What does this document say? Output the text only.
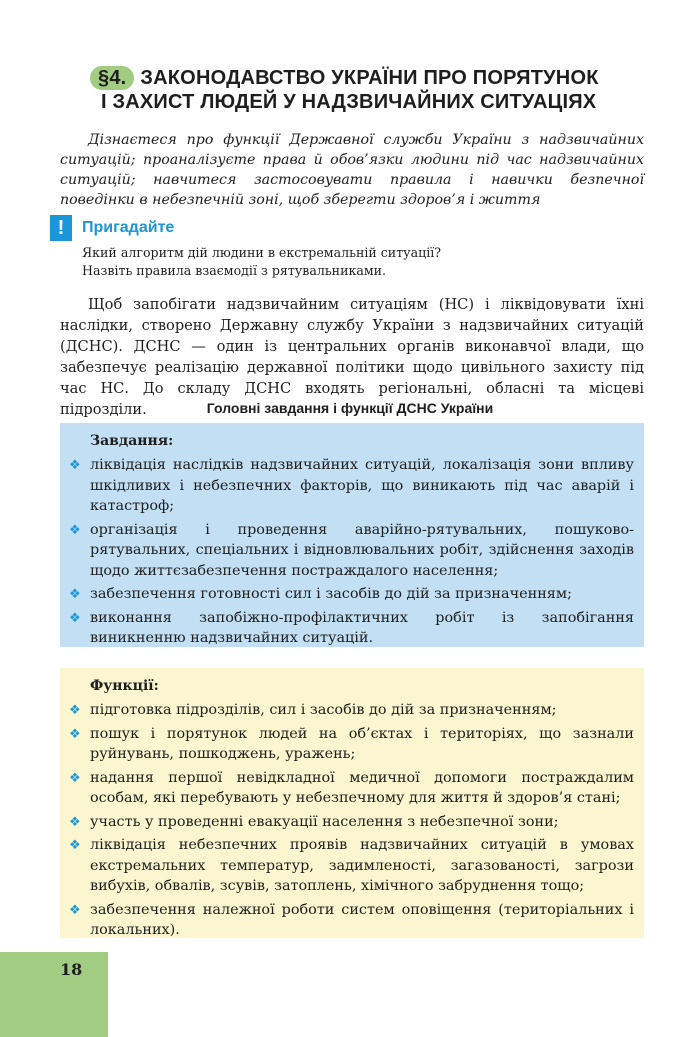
§4. ЗАКОНОДАВСТВО УКРАЇНИ ПРО ПОРЯТУНОК
І ЗАХИСТ ЛЮДЕЙ У НАДЗВИЧАЙНИХ СИТУАЦІЯХ
Дізнаєтеся про функції Державної служби України з надзвичайних ситуацій; проаналізуєте права й обов’язки людини під час надзвичайних ситуацій; навчитеся застосовувати правила і навички безпечної поведінки в небезпечній зоні, щоб зберегти здоров’я і життя
!	Пригадайте
Який алгоритм дій людини в екстремальній ситуації?
Назвіть правила взаємодії з рятувальниками.
Щоб запобігати надзвичайним ситуаціям (НС) і ліквідовувати їхні наслідки, створено Державну службу України з надзвичайних ситуацій (ДСНС). ДСНС — один із центральних органів виконавчої влади, що забезпечує реалізацію державної політики щодо цивільного захисту під час НС. До складу ДСНС входять регіональні, обласні та місцеві підрозділи.	Головні завдання і функції ДСНС України
Завдання:
❖ ліквідація наслідків надзвичайних ситуацій, локалізація зони впливу шкідливих і небезпечних факторів, що виникають під час аварій і катастроф;
❖ організація і проведення аварійно-рятувальних, пошуково-рятувальних, спеціальних і відновлювальних робіт, здійснення заходів щодо життєзабезпечення постраждалого населення;
❖ забезпечення готовності сил і засобів до дій за призначенням;
❖ виконання запобіжно-профілактичних робіт із запобігання виникненню надзвичайних ситуацій.
Функції:
❖ підготовка підрозділів, сил і засобів до дій за призначенням;
❖ пошук і порятунок людей на об’єктах і територіях, що зазнали руйнувань, пошкоджень, уражень;
❖ надання першої невідкладної медичної допомоги постраждалим особам, які перебувають у небезпечному для життя й здоров’я стані;
❖ участь у проведенні евакуації населення з небезпечної зони;
❖ ліквідація небезпечних проявів надзвичайних ситуацій в умовах екстремальних температур, задимленості, загазованості, загрози вибухів, обвалів, зсувів, затоплень, хімічного забруднення тощо;
❖ забезпечення належної роботи систем оповіщення (територіальних і локальних).
18
